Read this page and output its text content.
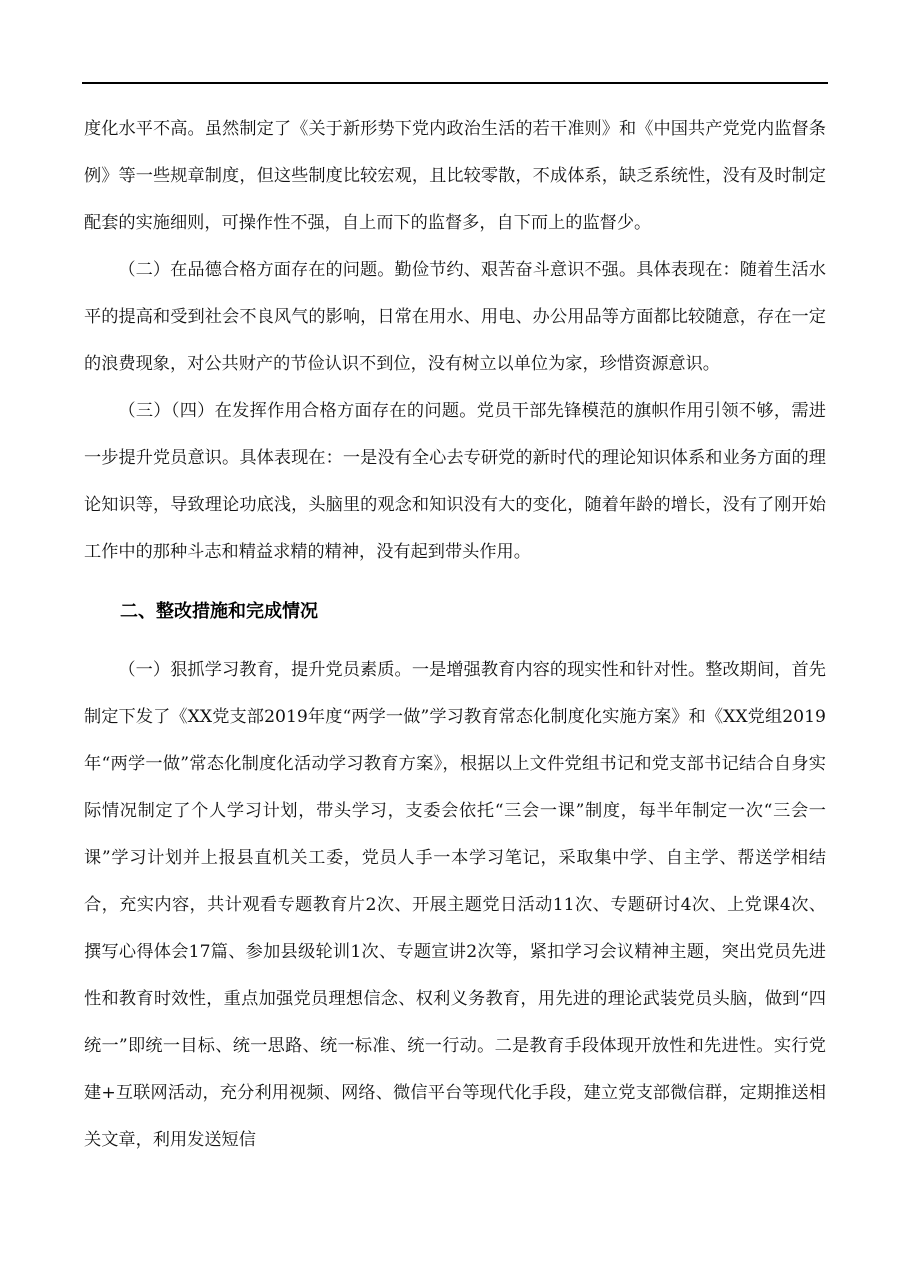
度化水平不高。虽然制定了《关于新形势下党内政治生活的若干准则》和《中国共产党党内监督条例》等一些规章制度，但这些制度比较宏观，且比较零散，不成体系，缺乏系统性，没有及时制定配套的实施细则，可操作性不强，自上而下的监督多，自下而上的监督少。

（二）在品德合格方面存在的问题。勤俭节约、艰苦奋斗意识不强。具体表现在：随着生活水平的提高和受到社会不良风气的影响，日常在用水、用电、办公用品等方面都比较随意，存在一定的浪费现象，对公共财产的节俭认识不到位，没有树立以单位为家，珍惜资源意识。

（三）（四）在发挥作用合格方面存在的问题。党员干部先锋模范的旗帜作用引领不够，需进一步提升党员意识。具体表现在：一是没有全心去专研党的新时代的理论知识体系和业务方面的理论知识等，导致理论功底浅，头脑里的观念和知识没有大的变化，随着年龄的增长，没有了刚开始工作中的那种斗志和精益求精的精神，没有起到带头作用。

二、整改措施和完成情况

（一）狠抓学习教育，提升党员素质。一是增强教育内容的现实性和针对性。整改期间，首先制定下发了《XX党支部2019年度“两学一做”学习教育常态化制度化实施方案》和《XX党组2019年“两学一做”常态化制度化活动学习教育方案》，根据以上文件党组书记和党支部书记结合自身实际情况制定了个人学习计划，带头学习，支委会依托“三会一课”制度，每半年制定一次“三会一课”学习计划并上报县直机关工委，党员人手一本学习笔记，采取集中学、自主学、帮送学相结合，充实内容，共计观看专题教育片2次、开展主题党日活动11次、专题研讨4次、上党课4次、撰写心得体会17篇、参加县级轮训1次、专题宣讲2次等，紧扣学习会议精神主题，突出党员先进性和教育时效性，重点加强党员理想信念、权利义务教育，用先进的理论武装党员头脑，做到“四统一”即统一目标、统一思路、统一标准、统一行动。二是教育手段体现开放性和先进性。实行党建+互联网活动，充分利用视频、网络、微信平台等现代化手段，建立党支部微信群，定期推送相关文章，利用发送短信
